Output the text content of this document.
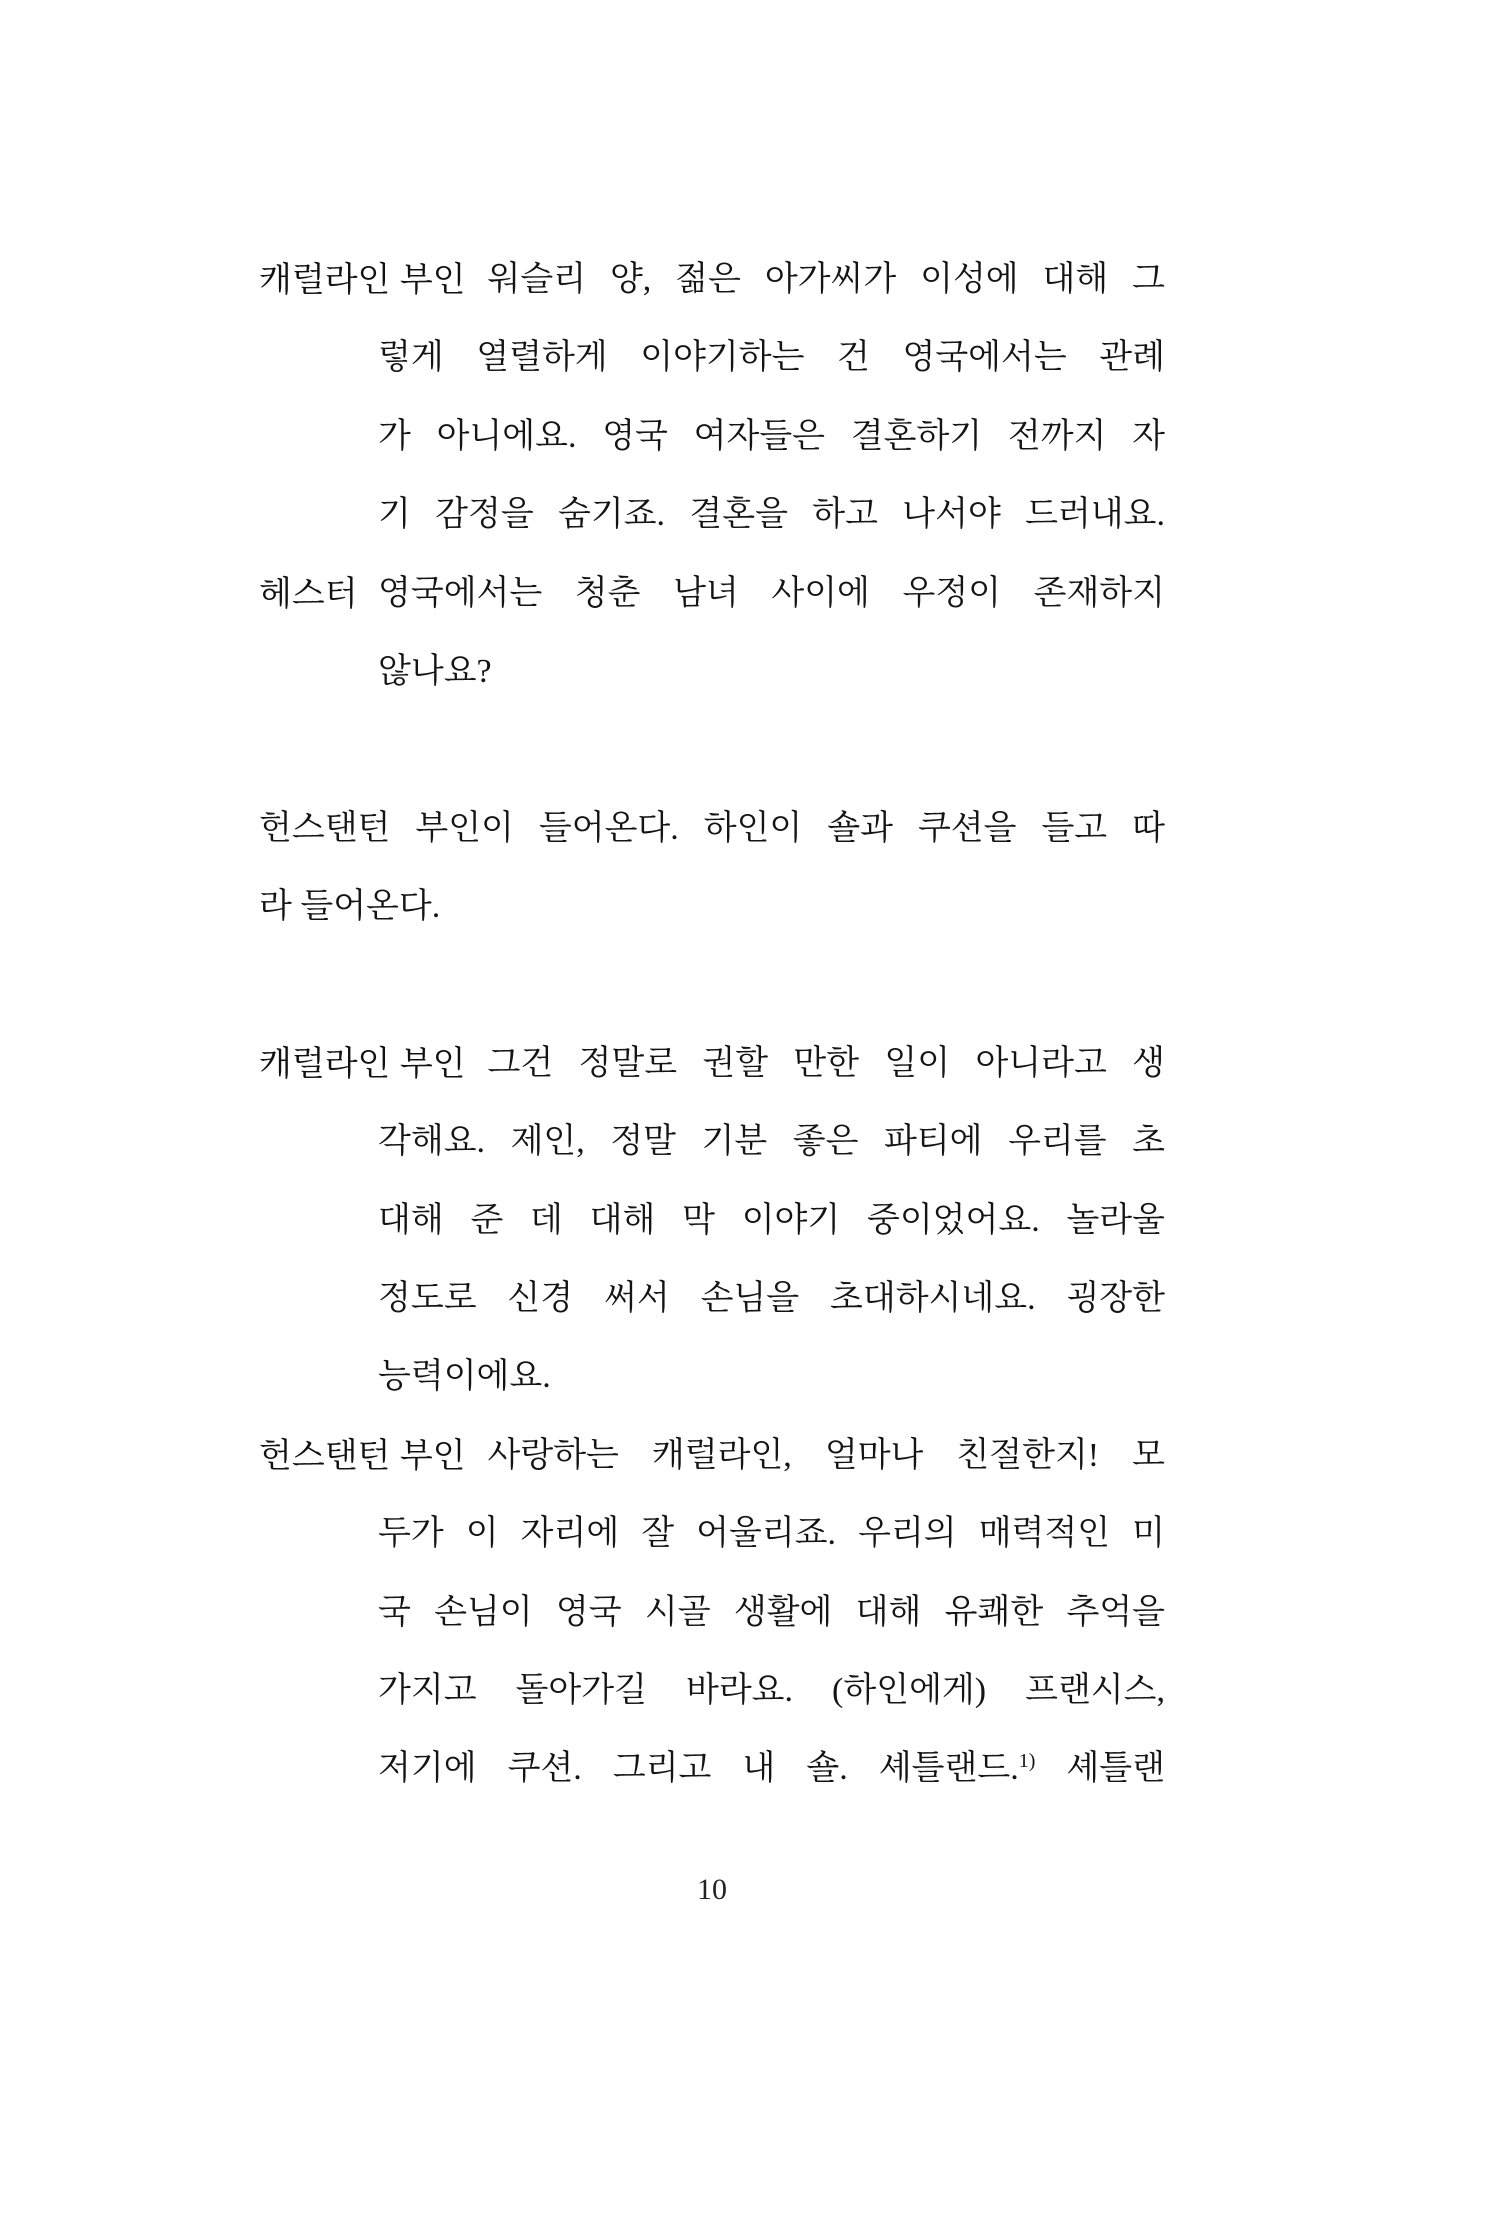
캐럴라인 부인 워슬리 양, 젊은 아가씨가 이성에 대해 그
렇게 열렬하게 이야기하는 건 영국에서는 관례
가 아니에요. 영국 여자들은 결혼하기 전까지 자
기 감정을 숨기죠. 결혼을 하고 나서야 드러내요.
헤스터 영국에서는 청춘 남녀 사이에 우정이 존재하지
않나요?
헌스탠턴 부인이 들어온다. 하인이 숄과 쿠션을 들고 따
라 들어온다.
캐럴라인 부인 그건 정말로 권할 만한 일이 아니라고 생
각해요. 제인, 정말 기분 좋은 파티에 우리를 초
대해 준 데 대해 막 이야기 중이었어요. 놀라울
정도로 신경 써서 손님을 초대하시네요. 굉장한
능력이에요.
헌스탠턴 부인 사랑하는 캐럴라인, 얼마나 친절한지! 모
두가 이 자리에 잘 어울리죠. 우리의 매력적인 미
국 손님이 영국 시골 생활에 대해 유쾌한 추억을
가지고 돌아가길 바라요. (하인에게) 프랜시스,
저기에 쿠션. 그리고 내 숄. 셰틀랜드.$^{1)}$ 셰틀랜
10
